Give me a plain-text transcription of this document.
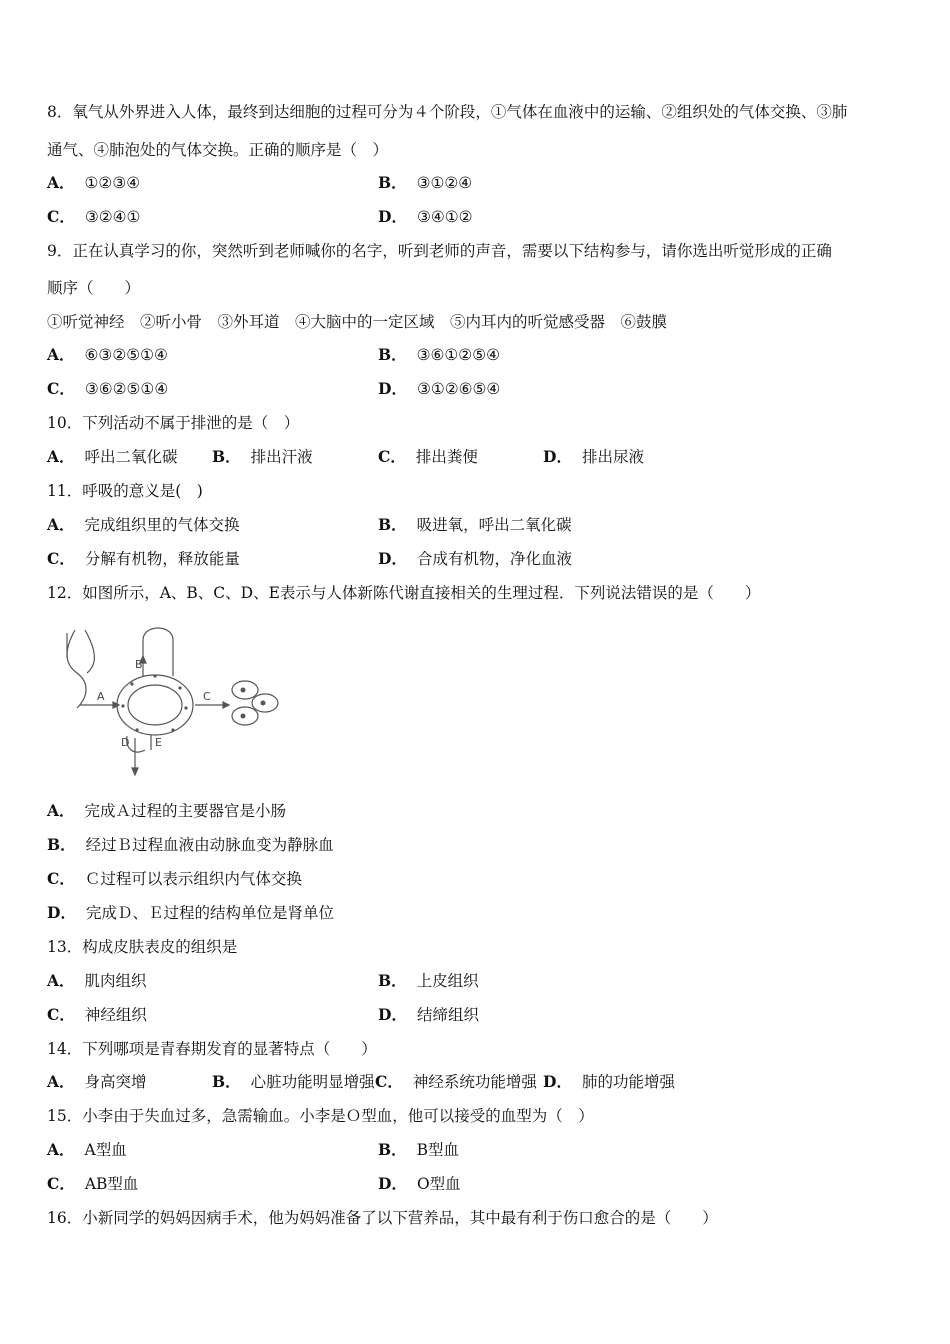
8．氧气从外界进入人体，最终到达细胞的过程可分为４个阶段，①气体在血液中的运输、②组织处的气体交换、③肺
通气、④肺泡处的气体交换。正确的顺序是（　）
A． ①②③④	B． ③①②④
C． ③②④①	D． ③④①②
9．正在认真学习的你，突然听到老师喊你的名字，听到老师的声音，需要以下结构参与，请你选出听觉形成的正确
顺序（　　）
①听觉神经　②听小骨　③外耳道　④大脑中的一定区域　⑤内耳内的听觉感受器　⑥鼓膜
A． ⑥③②⑤①④	B． ③⑥①②⑤④
C． ③⑥②⑤①④	D． ③①②⑥⑤④
10．下列活动不属于排泄的是（　）
A． 呼出二氧化碳 B． 排出汗液	C． 排出粪便	D． 排出尿液
11．呼吸的意义是(　)
A． 完成组织里的气体交换	B． 吸进氧，呼出二氧化碳
C． 分解有机物，释放能量	D． 合成有机物，净化血液
12．如图所示，A、B、C、D、E表示与人体新陈代谢直接相关的生理过程．下列说法错误的是（　　）
A
B
C
D E
A． 完成Ａ过程的主要器官是小肠
B． 经过Ｂ过程血液由动脉血变为静脉血
C． Ｃ过程可以表示组织内气体交换
D． 完成Ｄ、Ｅ过程的结构单位是肾单位
13．构成皮肤表皮的组织是
A． 肌肉组织	B． 上皮组织
C． 神经组织	D． 结缔组织
14．下列哪项是青春期发育的显著特点（　　）
A． 身高突增	B． 心脏功能明显增强 C． 神经系统功能增强 D． 肺的功能增强
15．小李由于失血过多，急需输血。小李是Ｏ型血，他可以接受的血型为（　）
A． A型血	B． B型血
C． AB型血	D． O型血
16．小新同学的妈妈因病手术，他为妈妈准备了以下营养品，其中最有利于伤口愈合的是（　　）
